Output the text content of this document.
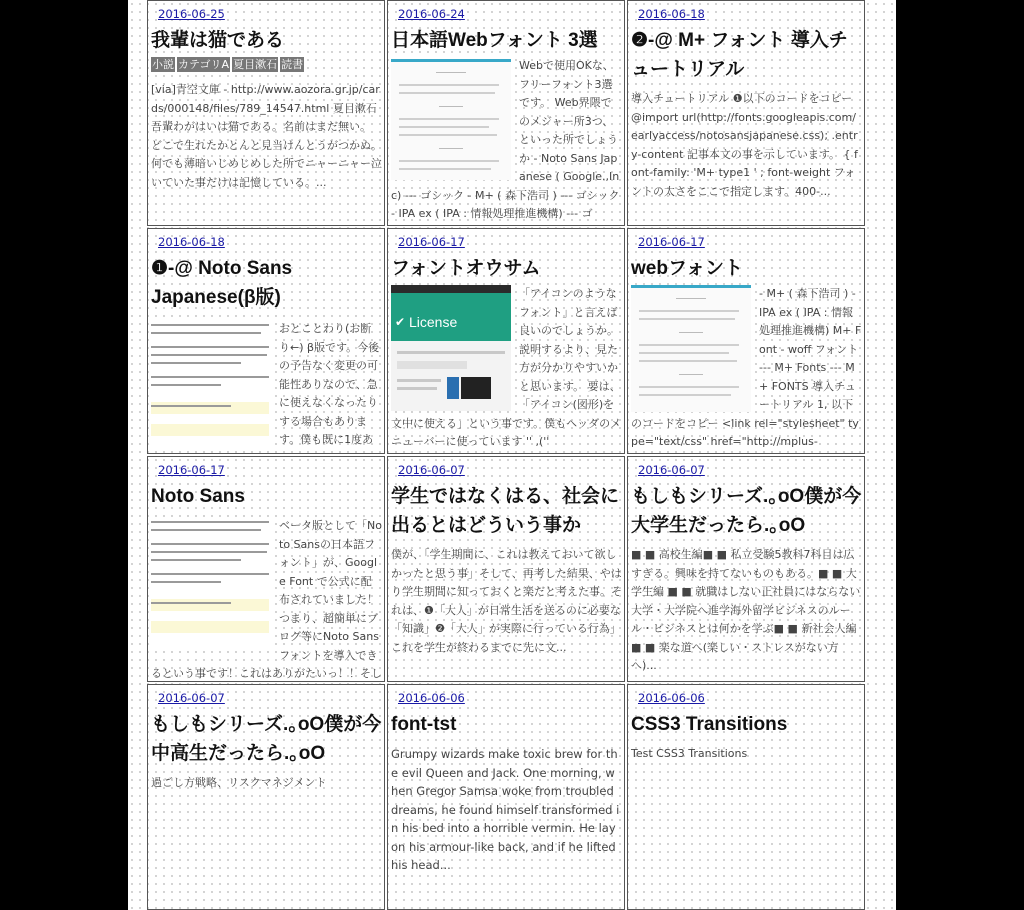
2016-06-25
我輩は猫である
小説 カテゴリA 夏目漱石 読書
[via]青空文庫 - http://www.aozora.gr.jp/cards/000148/files/789_14547.html 夏目漱石 吾輩わがはいは猫である。名前はまだ無い。 どこで生れたかとんと見当けんとうがつかぬ。何でも薄暗いじめじめした所でニャーニャー泣いていた事だけは記憶している。...
2016-06-24
日本語Webフォント 3選
Webで使用OKな、フリーフォント3選です。 Web界隈でのメジャー所3つ、といった所でしょうか - Noto Sans Japanese ( Google.,Inc) --- ゴシック - M+ ( 森下浩司 ) --- ゴシック - IPA ex ( IPA : 情報処理推進機構) --- ゴ
2016-06-18
❷-@ M+ フォント 導入チュートリアル
導入チュートリアル ❶以下のコードをコピー @import url(http://fonts.googleapis.com/earlyaccess/notosansjapanese.css); .entry-content 記事本文の事を示しています。 { font-family: 'M+ type1 ' ; font-weight フォントの太さをここで指定します。400-...
2016-06-18
❶-@ Noto Sans Japanese(β版)
おとことわり(お断り←) β版です。今後の予告なく変更の可能性ありなので、急に使えなくなったりする場合もあります。僕も既に1度あ
2016-06-17
フォントオウサム
✔ License
「アイコンのようなフォント」と言えば良いのでしょうか。 説明するより、見た方が分かりやすいかと思います。 要は、「アイコン(図形)を文中に使える」という事です。僕もヘッダのメニューバーに使っています '' ,(''
2016-06-17
webフォント
- M+ ( 森下浩司 ) - IPA ex ( IPA : 情報処理推進機構) M+ Font - woff フォント --- M+ Fonts --- M+ FONTS 導入チュートリアル 1, 以下のコードをコピー <link rel="stylesheet" type="text/css" href="http://mplus-
2016-06-17
Noto Sans
ベータ版として「Noto Sansの日本語フォント」が、Google Font で公式に配布されていました！つまり、超簡単にブログ等にNoto Sansフォントを導入できるという事です！これはありがたいっ！！そし
2016-06-07
学生ではなくはる、社会に出るとはどういう事か
僕が、「学生期間に、これは教えておいて欲しかったと思う事」そして、再考した結果、やはり学生期間に知っておくと楽だと考えた事。それは、❶「大人」が日常生活を送るのに必要な「知識」❷「大人」が実際に行っている行為」これを学生が終わるまでに先に文...
2016-06-07
もしもシリーズ.｡oO僕が今大学生だったら.｡oO
■ ■ 高校生編■ ■ 私立受験5教科7科目は広すぎる。興味を持てないものもある。■ ■ 大学生編 ■ ■ 就職はしない正社員にはならない大学・大学院へ進学海外留学ビジネスのルール・ビジネスとは何かを学ぶ■ ■ 新社会人編■ ■ 楽な道へ(楽しい・ストレスがない方へ)...
2016-06-07
もしもシリーズ.｡oO僕が今中高生だったら.｡oO
過ごし方戦略、リスクマネジメント
2016-06-06
font-tst
Grumpy wizards make toxic brew for the evil Queen and Jack. One morning, when Gregor Samsa woke from troubled dreams, he found himself transformed in his bed into a horrible vermin. He lay on his armour-like back, and if he lifted his head...
2016-06-06
CSS3 Transitions
Test CSS3 Transitions
